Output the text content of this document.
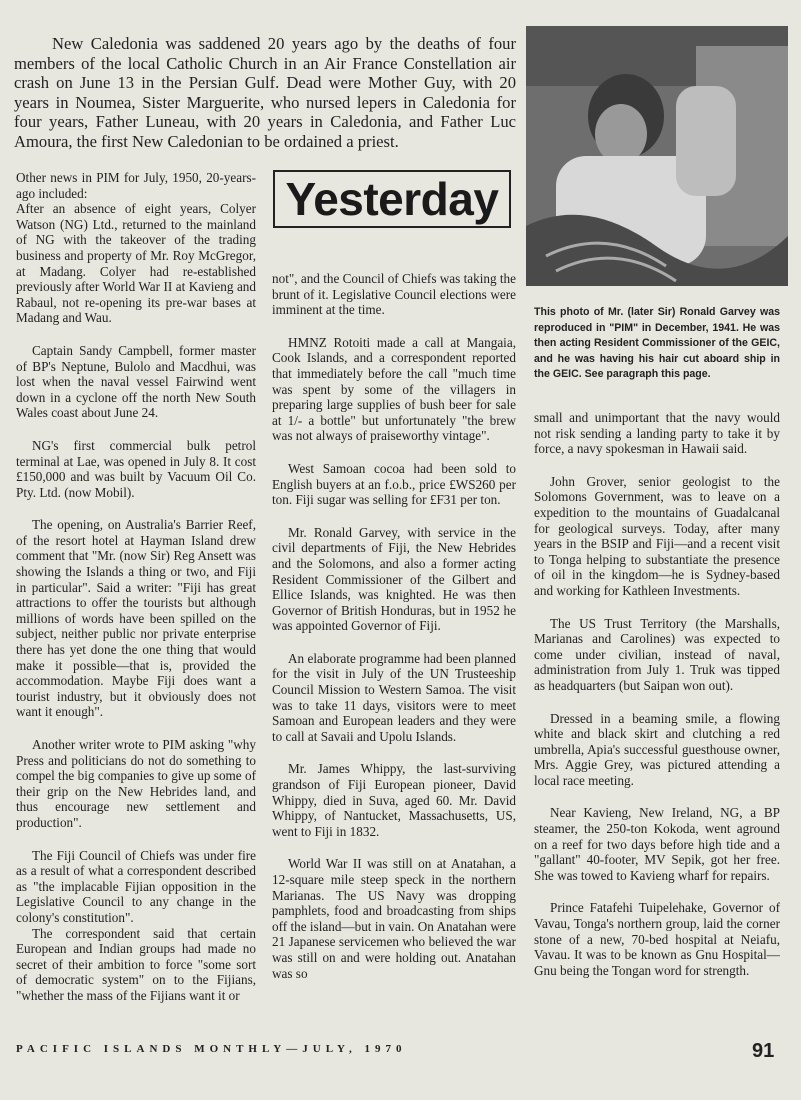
New Caledonia was saddened 20 years ago by the deaths of four members of the local Catholic Church in an Air France Constellation air crash on June 13 in the Persian Gulf. Dead were Mother Guy, with 20 years in Noumea, Sister Marguerite, who nursed lepers in Caledonia for four years, Father Luneau, with 20 years in Caledonia, and Father Luc Amoura, the first New Caledonian to be ordained a priest.

Yesterday

This photo of Mr. (later Sir) Ronald Garvey was reproduced in "PIM" in December, 1941. He was then acting Resident Commissioner of the GEIC, and he was having his hair cut aboard ship in the GEIC. See paragraph this page.

Other news in PIM for July, 1950, 20-years-ago included:

After an absence of eight years, Colyer Watson (NG) Ltd., returned to the mainland of NG with the takeover of the trading business and property of Mr. Roy McGregor, at Madang. Colyer had re-established previously after World War II at Kavieng and Rabaul, not re-opening its pre-war bases at Madang and Wau.

Captain Sandy Campbell, former master of BP's Neptune, Bulolo and Macdhui, was lost when the naval vessel Fairwind went down in a cyclone off the north New South Wales coast about June 24.

NG's first commercial bulk petrol terminal at Lae, was opened in July 8. It cost £150,000 and was built by Vacuum Oil Co. Pty. Ltd. (now Mobil).

The opening, on Australia's Barrier Reef, of the resort hotel at Hayman Island drew comment that "Mr. (now Sir) Reg Ansett was showing the Islands a thing or two, and Fiji in particular". Said a writer: "Fiji has great attractions to offer the tourists but although millions of words have been spilled on the subject, neither public nor private enterprise there has yet done the one thing that would make it possible—that is, provided the accommodation. Maybe Fiji does want a tourist industry, but it obviously does not want it enough".

Another writer wrote to PIM asking "why Press and politicians do not do something to compel the big companies to give up some of their grip on the New Hebrides land, and thus encourage new settlement and production".

The Fiji Council of Chiefs was under fire as a result of what a correspondent described as "the implacable Fijian opposition in the Legislative Council to any change in the colony's constitution".

The correspondent said that certain European and Indian groups had made no secret of their ambition to force "some sort of democratic system" on to the Fijians, "whether the mass of the Fijians want it or

not", and the Council of Chiefs was taking the brunt of it. Legislative Council elections were imminent at the time.

HMNZ Rotoiti made a call at Mangaia, Cook Islands, and a correspondent reported that immediately before the call "much time was spent by some of the villagers in preparing large supplies of bush beer for sale at 1/- a bottle" but unfortunately "the brew was not always of praiseworthy vintage".

West Samoan cocoa had been sold to English buyers at an f.o.b., price £WS260 per ton. Fiji sugar was selling for £F31 per ton.

Mr. Ronald Garvey, with service in the civil departments of Fiji, the New Hebrides and the Solomons, and also a former acting Resident Commissioner of the Gilbert and Ellice Islands, was knighted. He was then Governor of British Honduras, but in 1952 he was appointed Governor of Fiji.

An elaborate programme had been planned for the visit in July of the UN Trusteeship Council Mission to Western Samoa. The visit was to take 11 days, visitors were to meet Samoan and European leaders and they were to call at Savaii and Upolu Islands.

Mr. James Whippy, the last-surviving grandson of Fiji European pioneer, David Whippy, died in Suva, aged 60. Mr. David Whippy, of Nantucket, Massachusetts, US, went to Fiji in 1832.

World War II was still on at Anatahan, a 12-square mile steep speck in the northern Marianas. The US Navy was dropping pamphlets, food and broadcasting from ships off the island—but in vain. On Anatahan were 21 Japanese servicemen who believed the war was still on and were holding out. Anatahan was so

small and unimportant that the navy would not risk sending a landing party to take it by force, a navy spokesman in Hawaii said.

John Grover, senior geologist to the Solomons Government, was to leave on a expedition to the mountains of Guadalcanal for geological surveys. Today, after many years in the BSIP and Fiji—and a recent visit to Tonga helping to substantiate the presence of oil in the kingdom—he is Sydney-based and working for Kathleen Investments.

The US Trust Territory (the Marshalls, Marianas and Carolines) was expected to come under civilian, instead of naval, administration from July 1. Truk was tipped as headquarters (but Saipan won out).

Dressed in a beaming smile, a flowing white and black skirt and clutching a red umbrella, Apia's successful guesthouse owner, Mrs. Aggie Grey, was pictured attending a local race meeting.

Near Kavieng, New Ireland, NG, a BP steamer, the 250-ton Kokoda, went aground on a reef for two days before high tide and a "gallant" 40-footer, MV Sepik, got her free. She was towed to Kavieng wharf for repairs.

Prince Fatafehi Tuipelehake, Governor of Vavau, Tonga's northern group, laid the corner stone of a new, 70-bed hospital at Neiafu, Vavau. It was to be known as Gnu Hospital—Gnu being the Tongan word for strength.

PACIFIC ISLANDS MONTHLY—JULY, 1970	91
